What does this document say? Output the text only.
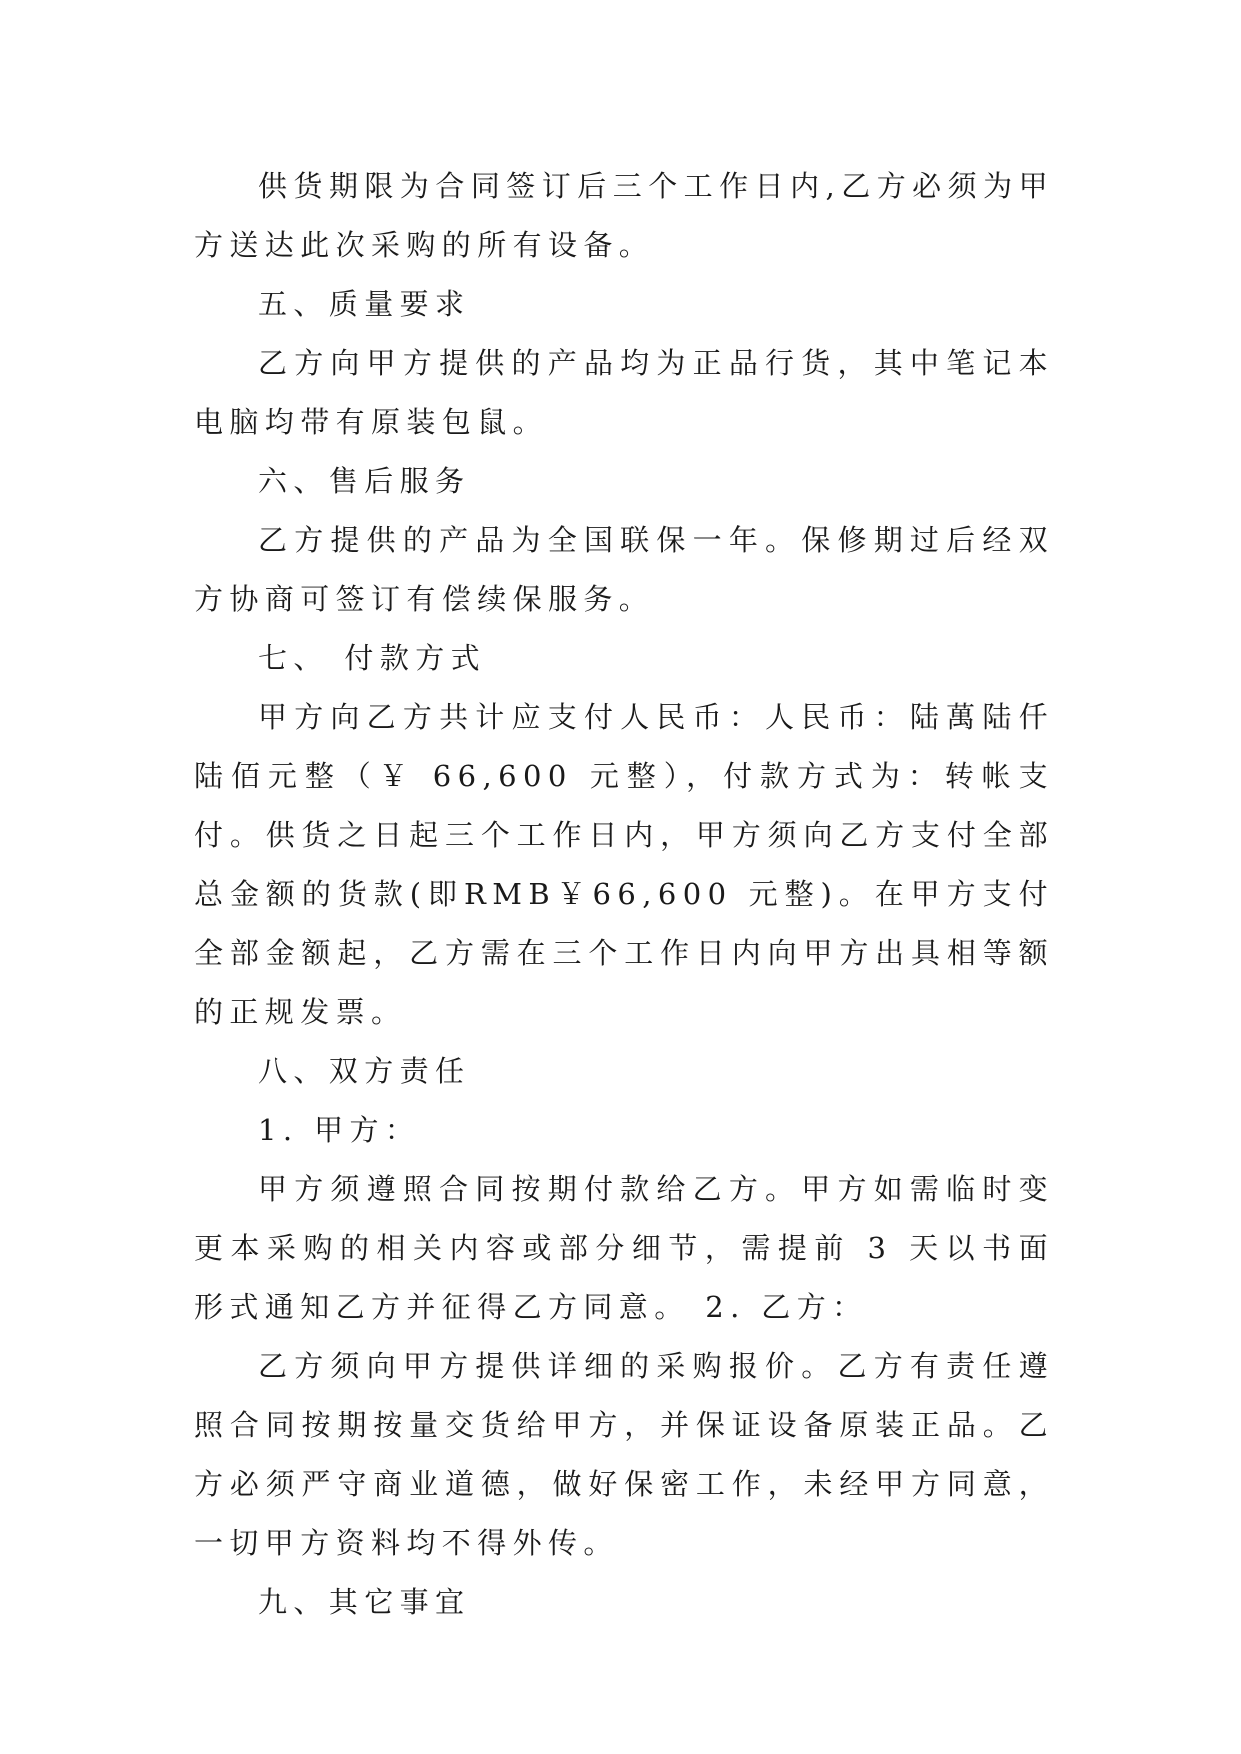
供货期限为合同签订后三个工作日内,乙方必须为甲方送达此次采购的所有设备。

五、质量要求

乙方向甲方提供的产品均为正品行货，其中笔记本电脑均带有原装包鼠。

六、售后服务

乙方提供的产品为全国联保一年。保修期过后经双方协商可签订有偿续保服务。

七、 付款方式

甲方向乙方共计应支付人民币：人民币：陆萬陆仟陆佰元整（￥ 66,600 元整），付款方式为：转帐支付。供货之日起三个工作日内，甲方须向乙方支付全部总金额的货款(即RMB￥66,600 元整)。在甲方支付全部金额起，乙方需在三个工作日内向甲方出具相等额的正规发票。

八、双方责任

1. 甲方：

甲方须遵照合同按期付款给乙方。甲方如需临时变更本采购的相关内容或部分细节，需提前 3 天以书面形式通知乙方并征得乙方同意。 2. 乙方：

乙方须向甲方提供详细的采购报价。乙方有责任遵照合同按期按量交货给甲方，并保证设备原装正品。乙方必须严守商业道德，做好保密工作，未经甲方同意，一切甲方资料均不得外传。

九、其它事宜
